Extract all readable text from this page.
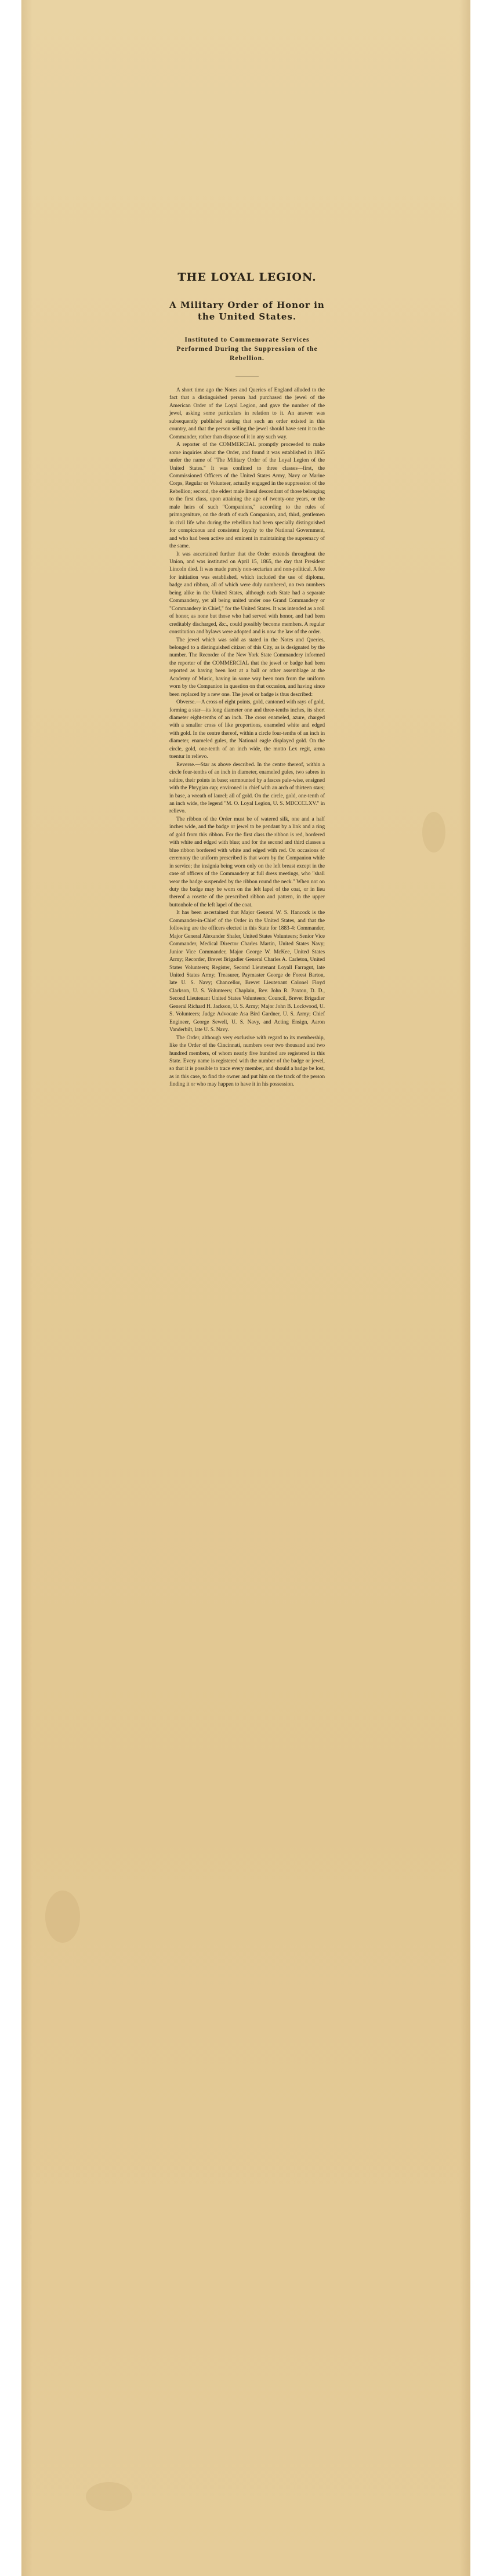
THE LOYAL LEGION.
A Military Order of Honor in the United States.
Instituted to Commemorate Services Performed During the Suppression of the Rebellion.

A short time ago the Notes and Queries of England alluded to the fact that a distinguished person had purchased the jewel of the American Order of the Loyal Legion, and gave the number of the jewel, asking some particulars in relation to it. An answer was subsequently published stating that such an order existed in this country, and that the person selling the jewel should have sent it to the Commander, rather than dispose of it in any such way.

A reporter of the COMMERCIAL promptly proceeded to make some inquiries about the Order, and found it was established in 1865 under the name of "The Military Order of the Loyal Legion of the United States." It was confined to three classes—first, the Commissioned Officers of the United States Army, Navy or Marine Corps, Regular or Volunteer, actually engaged in the suppression of the Rebellion; second, the eldest male lineal descendant of those belonging to the first class, upon attaining the age of twenty-one years, or the male heirs of such "Companions," according to the rules of primogeniture, on the death of such Companion, and, third, gentlemen in civil life who during the rebellion had been specially distinguished for conspicuous and consistent loyalty to the National Government, and who had been active and eminent in maintaining the supremacy of the same.

It was ascertained further that the Order extends throughout the Union, and was instituted on April 15, 1865, the day that President Lincoln died. It was made purely non-sectarian and non-political. A fee for initiation was established, which included the use of diploma, badge and ribbon, all of which were duly numbered, no two numbers being alike in the United States, although each State had a separate Commandery, yet all being united under one Grand Commandery or "Commandery in Chief," for the United States. It was intended as a roll of honor, as none but those who had served with honor, and had been creditably discharged, &c., could possibly become members. A regular constitution and bylaws were adopted and is now the law of the order.

The jewel which was sold as stated in the Notes and Queries, belonged to a distinguished citizen of this City, as is designated by the number. The Recorder of the New York State Commandery informed the reporter of the COMMERCIAL that the jewel or badge had been reported as having been lost at a ball or other assemblage at the Academy of Music, having in some way been torn from the uniform worn by the Companion in question on that occasion, and having since been replaced by a new one. The jewel or badge is thus described:

Obverse.—A cross of eight points, gold, cantoned with rays of gold, forming a star—its long diameter one and three-tenths inches, its short diameter eight-tenths of an inch. The cross enameled, azure, charged with a smaller cross of like proportions, enameled white and edged with gold. In the centre thereof, within a circle four-tenths of an inch in diameter, enameled gules, the National eagle displayed gold. On the circle, gold, one-tenth of an inch wide, the motto Lex regit, arma tuentur in relievo.

Reverse.—Star as above described. In the centre thereof, within a circle four-tenths of an inch in diameter, enameled gules, two sabres in saltire, their points in base; surmounted by a fasces pale-wise, ensigned with the Phrygian cap; environed in chief with an arch of thirteen stars; in base, a wreath of laurel; all of gold. On the circle, gold, one-tenth of an inch wide, the legend "M. O. Loyal Legion, U. S. MDCCCLXV." in relievo.

The ribbon of the Order must be of watered silk, one and a half inches wide, and the badge or jewel to be pendant by a link and a ring of gold from this ribbon. For the first class the ribbon is red, bordered with white and edged with blue; and for the second and third classes a blue ribbon bordered with white and edged with red. On occasions of ceremony the uniform prescribed is that worn by the Companion while in service; the insignia being worn only on the left breast except in the case of officers of the Commandery at full dress meetings, who "shall wear the badge suspended by the ribbon round the neck." When not on duty the badge may be worn on the left lapel of the coat, or in lieu thereof a rosette of the prescribed ribbon and pattern, in the upper buttonhole of the left lapel of the coat.

It has been ascertained that Major General W. S. Hancock is the Commander-in-Chief of the Order in the United States, and that the following are the officers elected in this State for 1883-4: Commander, Major General Alexander Shaler, United States Volunteers; Senior Vice Commander, Medical Director Charles Martin, United States Navy; Junior Vice Commander, Major George W. McKee, United States Army; Recorder, Brevet Brigadier General Charles A. Carleton, United States Volunteers; Register, Second Lieutenant Loyall Farragut, late United States Army; Treasurer, Paymaster George de Forest Barton, late U. S. Navy; Chancellor, Brevet Lieutenant Colonel Floyd Clarkson, U. S. Volunteers; Chaplain, Rev. John R. Paxton, D. D., Second Lieutenant United States Volunteers; Council, Brevet Brigadier General Richard H. Jackson, U. S. Army; Major John B. Lockwood, U. S. Volunteers; Judge Advocate Asa Bird Gardner, U. S. Army; Chief Engineer, George Sewell, U. S. Navy, and Acting Ensign, Aaron Vanderbilt, late U. S. Navy.

The Order, although very exclusive with regard to its membership, like the Order of the Cincinnati, numbers over two thousand and two hundred members, of whom nearly five hundred are registered in this State. Every name is registered with the number of the badge or jewel, so that it is possible to trace every member, and should a badge be lost, as in this case, to find the owner and put him on the track of the person finding it or who may happen to have it in his possession.
